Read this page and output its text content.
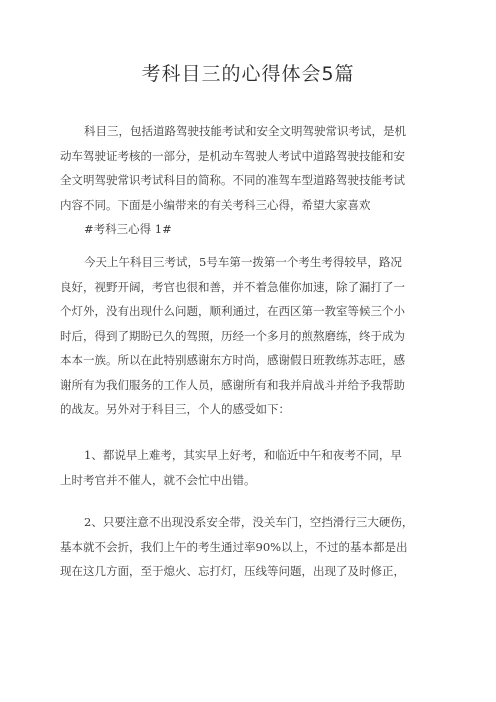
考科目三的心得体会5篇
科目三，包括道路驾驶技能考试和安全文明驾驶常识考试，是机
动车驾驶证考核的一部分，是机动车驾驶人考试中道路驾驶技能和安
全文明驾驶常识考试科目的简称。不同的准驾车型道路驾驶技能考试
内容不同。下面是小编带来的有关考科三心得，希望大家喜欢
#考科三心得 1#
今天上午科目三考试，5号车第一拨第一个考生考得较早，路况
良好，视野开阔，考官也很和善，并不着急催你加速，除了漏打了一
个灯外，没有出现什么问题，顺利通过，在西区第一教室等候三个小
时后，得到了期盼已久的驾照，历经一个多月的煎熬磨练，终于成为
本本一族。所以在此特别感谢东方时尚，感谢假日班教练苏志旺，感
谢所有为我们服务的工作人员，感谢所有和我并肩战斗并给予我帮助
的战友。另外对于科目三，个人的感受如下：
1、都说早上难考，其实早上好考，和临近中午和夜考不同，早
上时考官并不催人，就不会忙中出错。
2、只要注意不出现没系安全带，没关车门，空挡滑行三大硬伤，
基本就不会折，我们上午的考生通过率90%以上，不过的基本都是出
现在这几方面，至于熄火、忘打灯，压线等问题，出现了及时修正，
